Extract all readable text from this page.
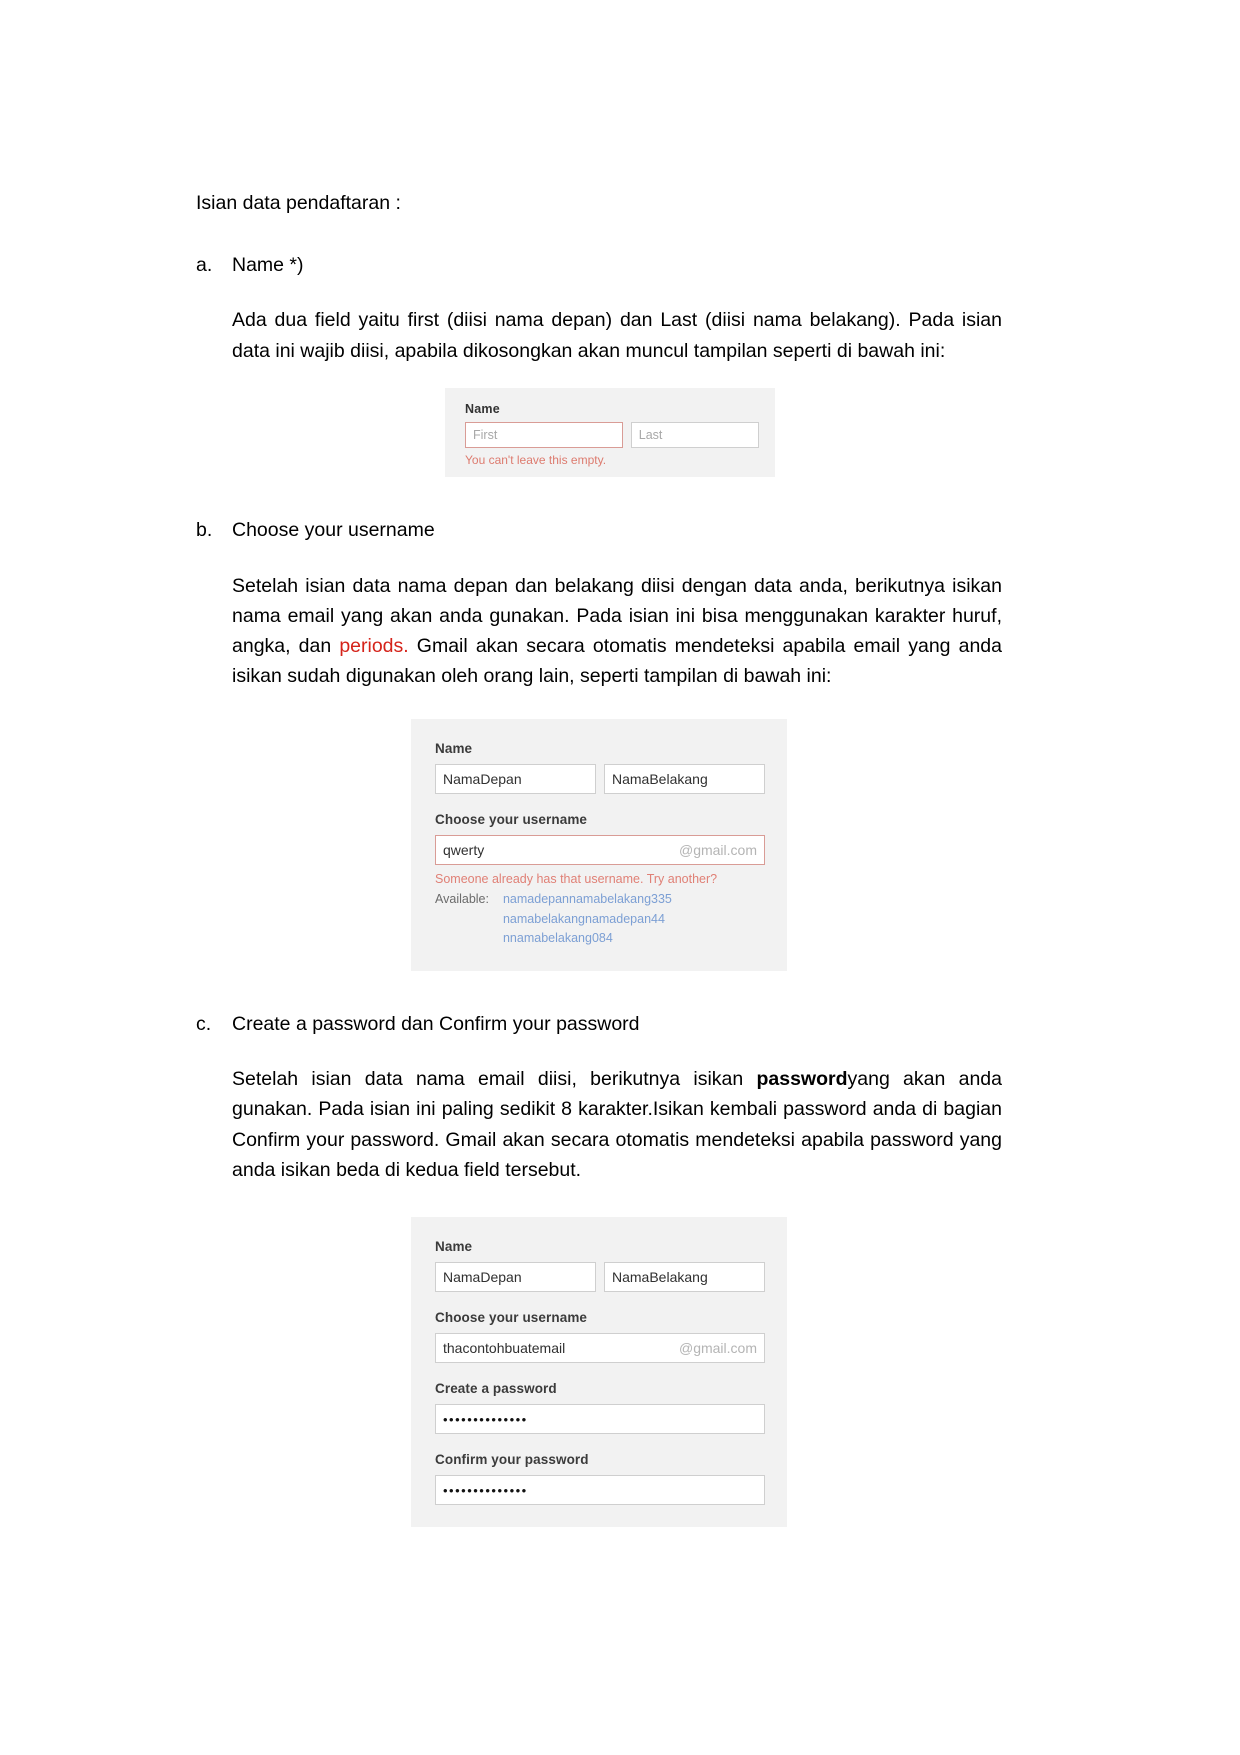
Isian data pendaftaran :

a.	Name *)

Ada dua field yaitu first (diisi nama depan) dan Last (diisi nama belakang). Pada isian data ini wajib diisi, apabila dikosongkan akan muncul tampilan seperti di bawah ini:

Name
First	Last
You can't leave this empty.
b.	Choose your username

Setelah isian data nama depan dan belakang diisi dengan data anda, berikutnya isikan nama email yang akan anda gunakan. Pada isian ini bisa menggunakan karakter huruf, angka, dan periods. Gmail akan secara otomatis mendeteksi apabila email yang anda isikan sudah digunakan oleh orang lain, seperti tampilan di bawah ini:

Name
NamaDepan	NamaBelakang
Choose your username
qwerty	@gmail.com
Someone already has that username. Try another?
Available: namadepannamabelakang335
namabelakangnamadepan44 nnamabelakang084
c.	Create a password dan Confirm your password

Setelah isian data nama email diisi, berikutnya isikan passwordyang akan anda gunakan. Pada isian ini paling sedikit 8 karakter.Isikan kembali password anda di bagian Confirm your password. Gmail akan secara otomatis mendeteksi apabila password yang anda isikan beda di kedua field tersebut.

Name
NamaDepan	NamaBelakang
Choose your username
thacontohbuatemail	@gmail.com
Create a password
••••••••••••••
Confirm your password
••••••••••••••
